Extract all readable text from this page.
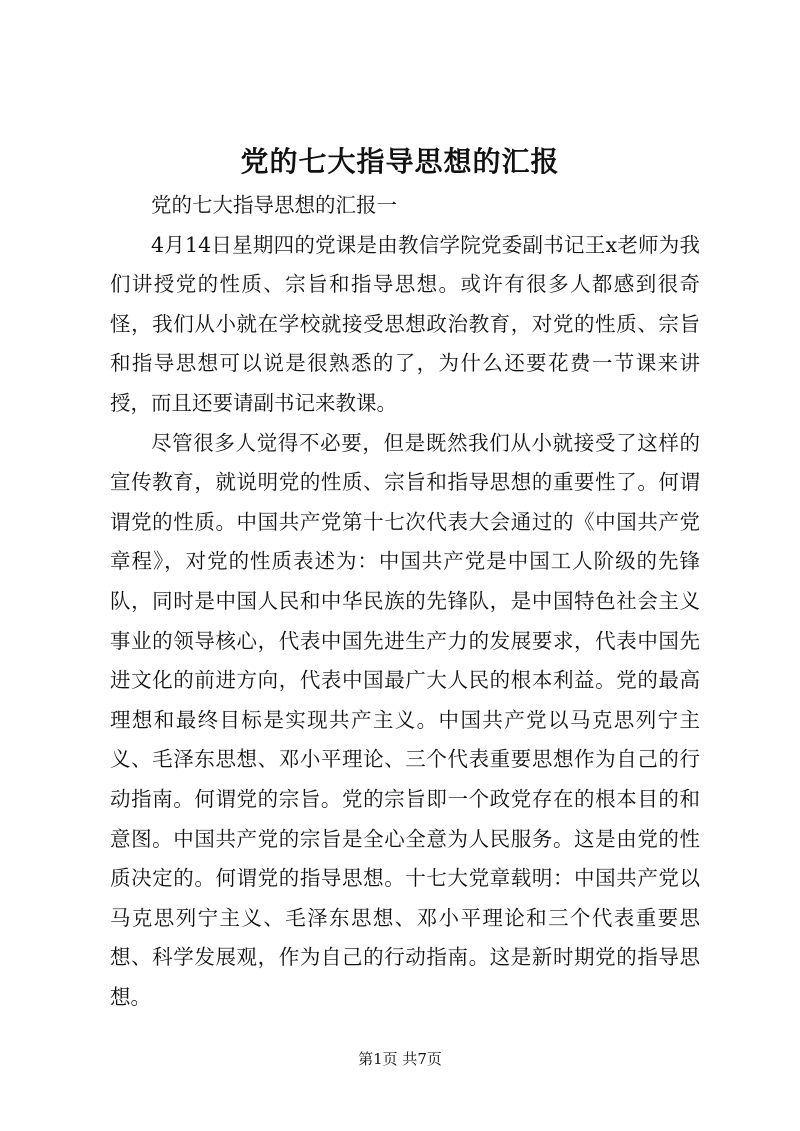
党的七大指导思想的汇报

党的七大指导思想的汇报一

4月14日星期四的党课是由教信学院党委副书记王x老师为我们讲授党的性质、宗旨和指导思想。或许有很多人都感到很奇怪，我们从小就在学校就接受思想政治教育，对党的性质、宗旨和指导思想可以说是很熟悉的了，为什么还要花费一节课来讲授，而且还要请副书记来教课。

尽管很多人觉得不必要，但是既然我们从小就接受了这样的宣传教育，就说明党的性质、宗旨和指导思想的重要性了。何谓谓党的性质。中国共产党第十七次代表大会通过的《中国共产党章程》，对党的性质表述为：中国共产党是中国工人阶级的先锋队，同时是中国人民和中华民族的先锋队，是中国特色社会主义事业的领导核心，代表中国先进生产力的发展要求，代表中国先进文化的前进方向，代表中国最广大人民的根本利益。党的最高理想和最终目标是实现共产主义。中国共产党以马克思列宁主义、毛泽东思想、邓小平理论、三个代表重要思想作为自己的行动指南。何谓党的宗旨。党的宗旨即一个政党存在的根本目的和意图。中国共产党的宗旨是全心全意为人民服务。这是由党的性质决定的。何谓党的指导思想。十七大党章载明：中国共产党以马克思列宁主义、毛泽东思想、邓小平理论和三个代表重要思想、科学发展观，作为自己的行动指南。这是新时期党的指导思想。

第1页 共7页
